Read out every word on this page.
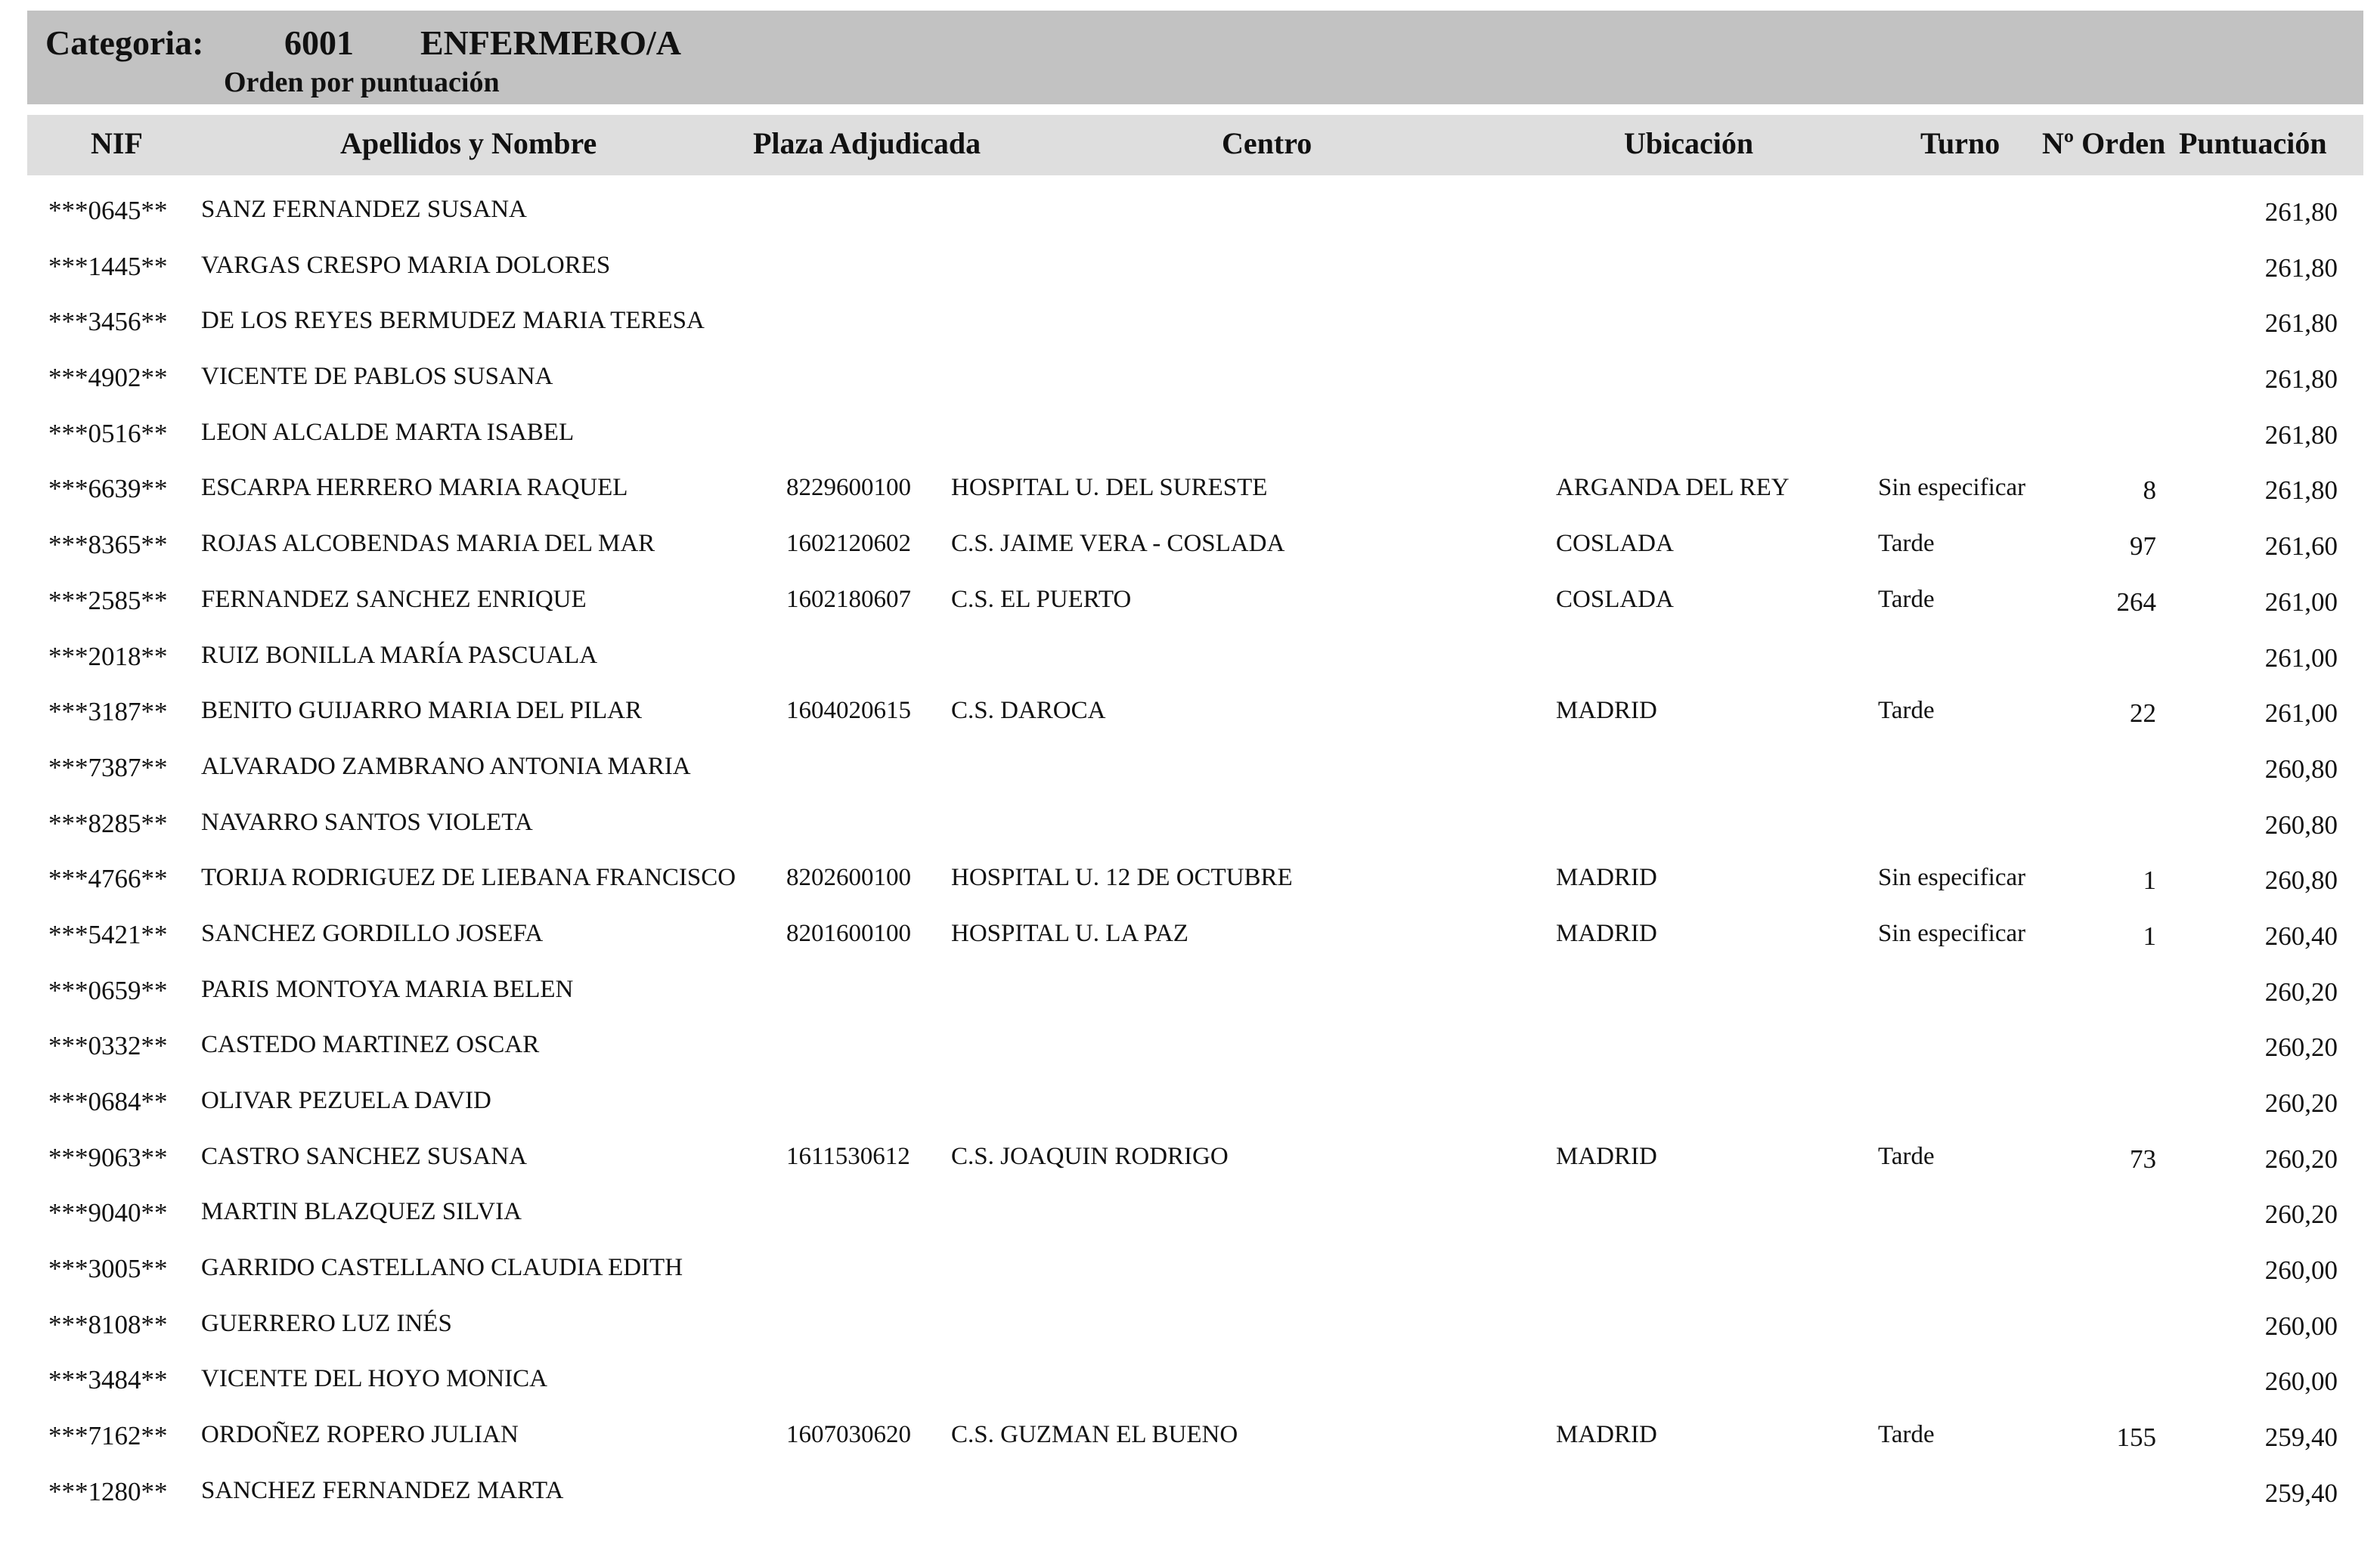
Categoria: 6001 ENFERMERO/A
Orden por puntuación
NIF	Apellidos y Nombre	Plaza Adjudicada	Centro	Ubicación	Turno Nº Orden Puntuación
***0645** SANZ FERNANDEZ SUSANA	261,80
***1445** VARGAS CRESPO MARIA DOLORES	261,80
***3456** DE LOS REYES BERMUDEZ MARIA TERESA	261,80
***4902** VICENTE DE PABLOS SUSANA	261,80
***0516** LEON ALCALDE MARTA ISABEL	261,80
***6639** ESCARPA HERRERO MARIA RAQUEL	8229600100 HOSPITAL U. DEL SURESTE	ARGANDA DEL REY	Sin especificar	8	261,80
***8365** ROJAS ALCOBENDAS MARIA DEL MAR	1602120602 C.S. JAIME VERA - COSLADA	COSLADA	Tarde	97	261,60
***2585** FERNANDEZ SANCHEZ ENRIQUE	1602180607 C.S. EL PUERTO	COSLADA	Tarde	264	261,00
***2018** RUIZ BONILLA MARÍA PASCUALA	261,00
***3187** BENITO GUIJARRO MARIA DEL PILAR	1604020615 C.S. DAROCA	MADRID	Tarde	22	261,00
***7387** ALVARADO ZAMBRANO ANTONIA MARIA	260,80
***8285** NAVARRO SANTOS VIOLETA	260,80
***4766** TORIJA RODRIGUEZ DE LIEBANA FRANCISCO 8202600100 HOSPITAL U. 12 DE OCTUBRE	MADRID	Sin especificar	1	260,80
***5421** SANCHEZ GORDILLO JOSEFA	8201600100 HOSPITAL U. LA PAZ	MADRID	Sin especificar	1	260,40
***0659** PARIS MONTOYA MARIA BELEN	260,20
***0332** CASTEDO MARTINEZ OSCAR	260,20
***0684** OLIVAR PEZUELA DAVID	260,20
***9063** CASTRO SANCHEZ SUSANA	1611530612 C.S. JOAQUIN RODRIGO	MADRID	Tarde	73	260,20
***9040** MARTIN BLAZQUEZ SILVIA	260,20
***3005** GARRIDO CASTELLANO CLAUDIA EDITH	260,00
***8108** GUERRERO LUZ INÉS	260,00
***3484** VICENTE DEL HOYO MONICA	260,00
***7162** ORDOÑEZ ROPERO JULIAN	1607030620 C.S. GUZMAN EL BUENO	MADRID	Tarde	155	259,40
***1280** SANCHEZ FERNANDEZ MARTA	259,40
